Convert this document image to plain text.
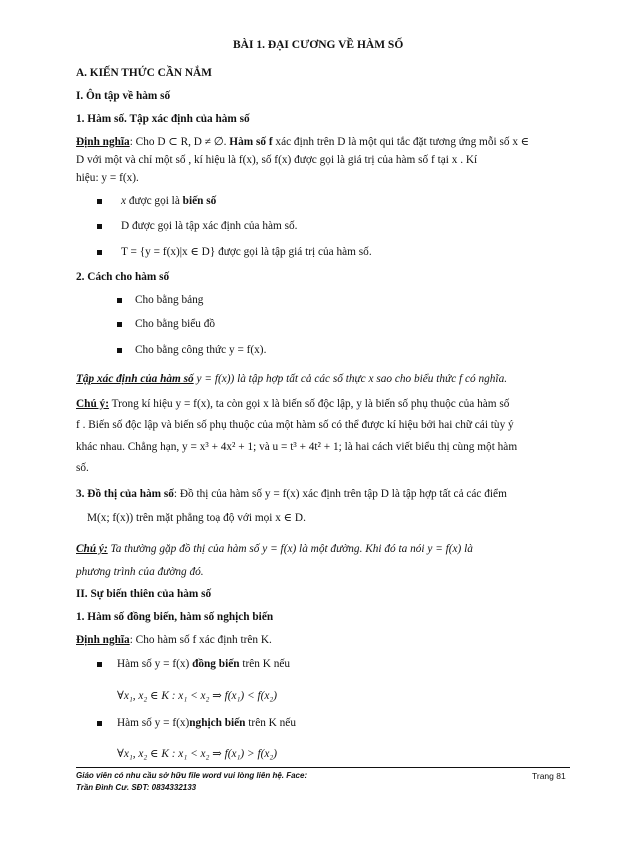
BÀI 1. ĐẠI CƯƠNG VỀ HÀM SỐ
A. KIẾN THỨC CẦN NẮM
I. Ôn tập về hàm số
1. Hàm số. Tập xác định của hàm số
Định nghĩa: Cho D ⊂ R, D ≠ ∅. Hàm số f xác định trên D là một qui tắc đặt tương ứng mỗi số x ∈
D với một và chỉ một số , kí hiệu là f(x), số f(x) được gọi là giá trị của hàm số f tại x . Kí
hiệu: y = f(x).
x được gọi là biến số
D được gọi là tập xác định của hàm số.
T = {y = f(x)|x ∈ D} được gọi là tập giá trị của hàm số.
2. Cách cho hàm số
Cho bằng bảng
Cho bằng biểu đồ
Cho bằng công thức y = f(x).
Tập xác định của hàm số y = f(x)) là tập hợp tất cả các số thực x sao cho biểu thức f có nghĩa.
Chú ý: Trong kí hiệu y = f(x), ta còn gọi x là biến số độc lập, y là biến số phụ thuộc của hàm số
f . Biến số độc lập và biến số phụ thuộc của một hàm số có thể được kí hiệu bởi hai chữ cái tùy ý
khác nhau. Chẳng hạn, y = x³ + 4x² + 1; và u = t³ + 4t² + 1; là hai cách viết biểu thị cùng một hàm
số.
3. Đồ thị của hàm số: Đồ thị của hàm số y = f(x) xác định trên tập D là tập hợp tất cả các điểm
M(x; f(x)) trên mặt phẳng toạ độ với mọi x ∈ D.
Chú ý: Ta thường gặp đồ thị của hàm số y = f(x) là một đường. Khi đó ta nói y = f(x) là
phương trình của đường đó.
II. Sự biến thiên của hàm số
1. Hàm số đồng biến, hàm số nghịch biến
Định nghĩa: Cho hàm số f xác định trên K.
Hàm số y = f(x) đồng biến trên K nếu
∀x₁, x₂ ∈ K : x₁ < x₂ ⇒ f(x₁) < f(x₂)
Hàm số y = f(x)nghịch biến trên K nếu
∀x₁, x₂ ∈ K : x₁ < x₂ ⇒ f(x₁) > f(x₂)
Giáo viên có nhu cầu sở hữu file word vui lòng liên hệ. Face:
Trần Đình Cư. SĐT: 0834332133
Trang 81
